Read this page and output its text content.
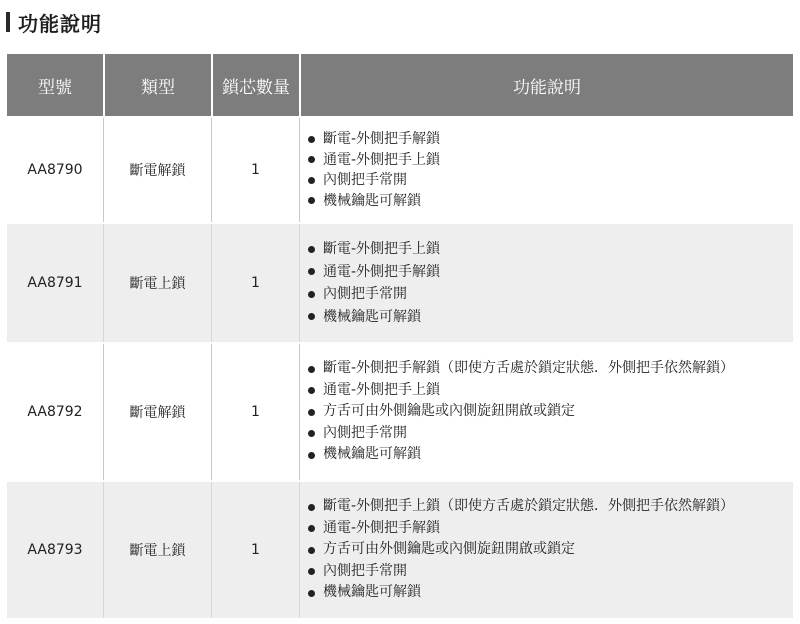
功能說明
型號	類型	鎖芯數量	功能說明
AA8790	斷電解鎖	1
斷電-外側把手解鎖
通電-外側把手上鎖
內側把手常開
機械鑰匙可解鎖
AA8791	斷電上鎖	1
斷電-外側把手上鎖
通電-外側把手解鎖
內側把手常開
機械鑰匙可解鎖
AA8792	斷電解鎖	1
斷電-外側把手解鎖（即使方舌處於鎖定狀態．外側把手依然解鎖）
通電-外側把手上鎖
方舌可由外側鑰匙或內側旋鈕開啟或鎖定
內側把手常開
機械鑰匙可解鎖
AA8793	斷電上鎖	1
斷電-外側把手上鎖（即使方舌處於鎖定狀態．外側把手依然解鎖）
通電-外側把手解鎖
方舌可由外側鑰匙或內側旋鈕開啟或鎖定
內側把手常開
機械鑰匙可解鎖
